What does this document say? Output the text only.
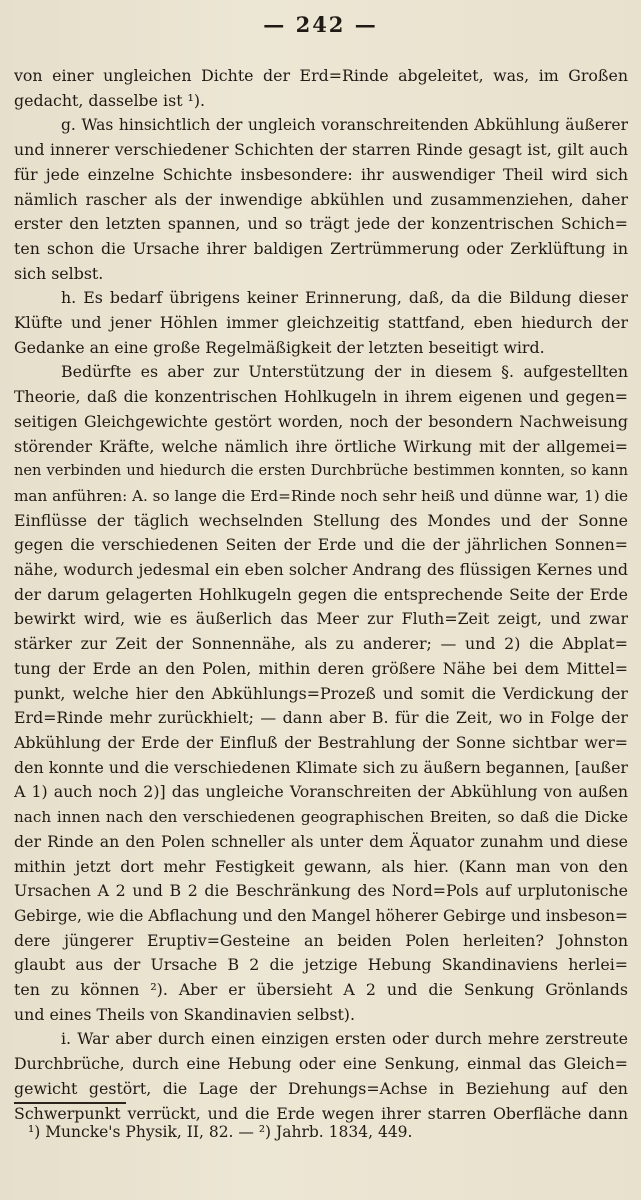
— 242 —
von einer ungleichen Dichte der Erd=Rinde abgeleitet, was, im Großen
gedacht, dasselbe ist ¹).
g. Was hinsichtlich der ungleich voranschreitenden Abkühlung äußerer
und innerer verschiedener Schichten der starren Rinde gesagt ist, gilt auch
für jede einzelne Schichte insbesondere: ihr auswendiger Theil wird sich
nämlich rascher als der inwendige abkühlen und zusammenziehen, daher
erster den letzten spannen, und so trägt jede der konzentrischen Schich=
ten schon die Ursache ihrer baldigen Zertrümmerung oder Zerklüftung in
sich selbst.
h. Es bedarf übrigens keiner Erinnerung, daß, da die Bildung dieser
Klüfte und jener Höhlen immer gleichzeitig stattfand, eben hiedurch der
Gedanke an eine große Regelmäßigkeit der letzten beseitigt wird.
Bedürfte es aber zur Unterstützung der in diesem §. aufgestellten
Theorie, daß die konzentrischen Hohlkugeln in ihrem eigenen und gegen=
seitigen Gleichgewichte gestört worden, noch der besondern Nachweisung
störender Kräfte, welche nämlich ihre örtliche Wirkung mit der allgemei=
nen verbinden und hiedurch die ersten Durchbrüche bestimmen konnten, so kann
man anführen: A. so lange die Erd=Rinde noch sehr heiß und dünne war, 1) die
Einflüsse der täglich wechselnden Stellung des Mondes und der Sonne
gegen die verschiedenen Seiten der Erde und die der jährlichen Sonnen=
nähe, wodurch jedesmal ein eben solcher Andrang des flüssigen Kernes und
der darum gelagerten Hohlkugeln gegen die entsprechende Seite der Erde
bewirkt wird, wie es äußerlich das Meer zur Fluth=Zeit zeigt, und zwar
stärker zur Zeit der Sonnennähe, als zu anderer; — und 2) die Abplat=
tung der Erde an den Polen, mithin deren größere Nähe bei dem Mittel=
punkt, welche hier den Abkühlungs=Prozeß und somit die Verdickung der
Erd=Rinde mehr zurückhielt; — dann aber B. für die Zeit, wo in Folge der
Abkühlung der Erde der Einfluß der Bestrahlung der Sonne sichtbar wer=
den konnte und die verschiedenen Klimate sich zu äußern begannen, [außer
A 1) auch noch 2)] das ungleiche Voranschreiten der Abkühlung von außen
nach innen nach den verschiedenen geographischen Breiten, so daß die Dicke
der Rinde an den Polen schneller als unter dem Äquator zunahm und diese
mithin jetzt dort mehr Festigkeit gewann, als hier. (Kann man von den
Ursachen A 2 und B 2 die Beschränkung des Nord=Pols auf urplutonische
Gebirge, wie die Abflachung und den Mangel höherer Gebirge und insbeson=
dere jüngerer Eruptiv=Gesteine an beiden Polen herleiten? Johnston
glaubt aus der Ursache B 2 die jetzige Hebung Skandinaviens herlei=
ten zu können ²). Aber er übersieht A 2 und die Senkung Grönlands
und eines Theils von Skandinavien selbst).
i. War aber durch einen einzigen ersten oder durch mehre zerstreute
Durchbrüche, durch eine Hebung oder eine Senkung, einmal das Gleich=
gewicht gestört, die Lage der Drehungs=Achse in Beziehung auf den
Schwerpunkt verrückt, und die Erde wegen ihrer starren Oberfläche dann
¹) Muncke's Physik, II, 82. — ²) Jahrb. 1834, 449.
